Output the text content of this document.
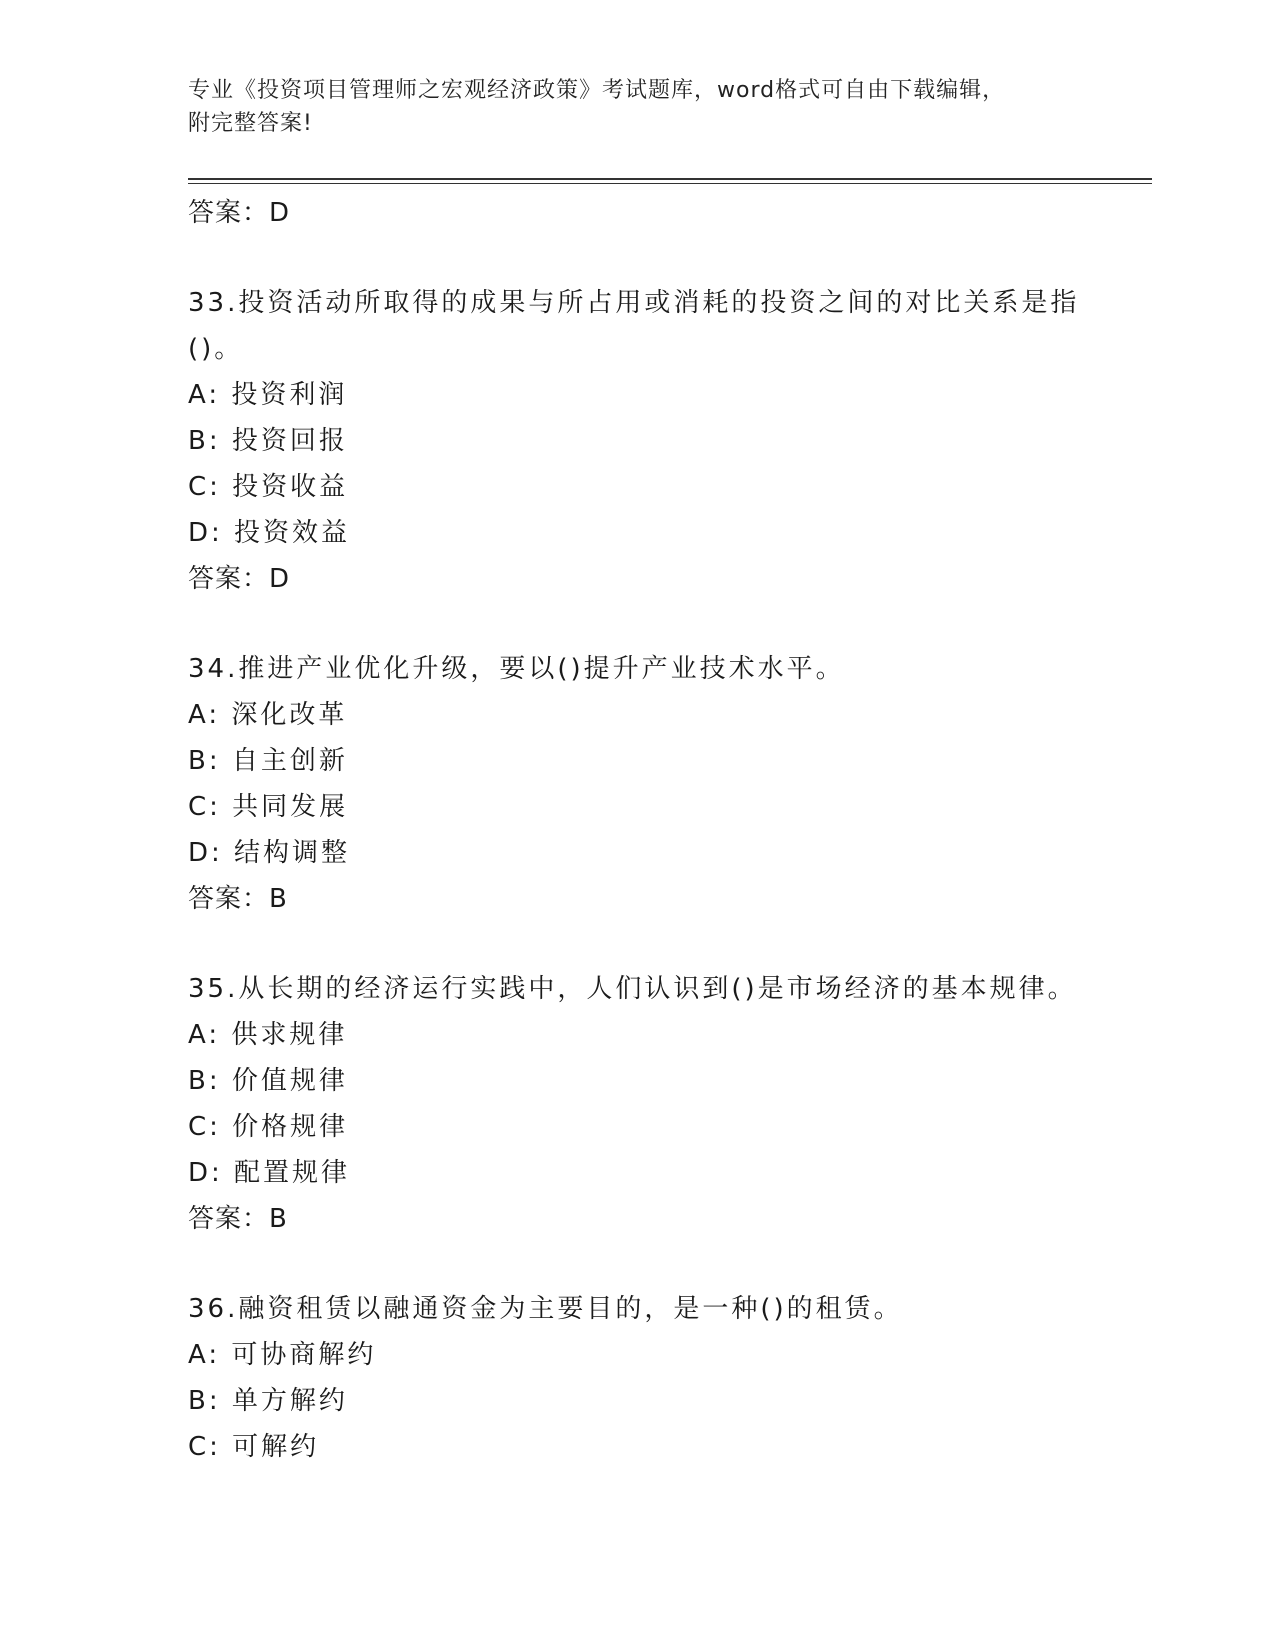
专业《投资项目管理师之宏观经济政策》考试题库，word格式可自由下载编辑，
附完整答案!
答案：D
33.投资活动所取得的成果与所占用或消耗的投资之间的对比关系是指()。
A: 投资利润
B: 投资回报
C: 投资收益
D: 投资效益
答案：D
34.推进产业优化升级，要以()提升产业技术水平。
A: 深化改革
B: 自主创新
C: 共同发展
D: 结构调整
答案：B
35.从长期的经济运行实践中，人们认识到()是市场经济的基本规律。
A: 供求规律
B: 价值规律
C: 价格规律
D: 配置规律
答案：B
36.融资租赁以融通资金为主要目的，是一种()的租赁。
A: 可协商解约
B: 单方解约
C: 可解约
